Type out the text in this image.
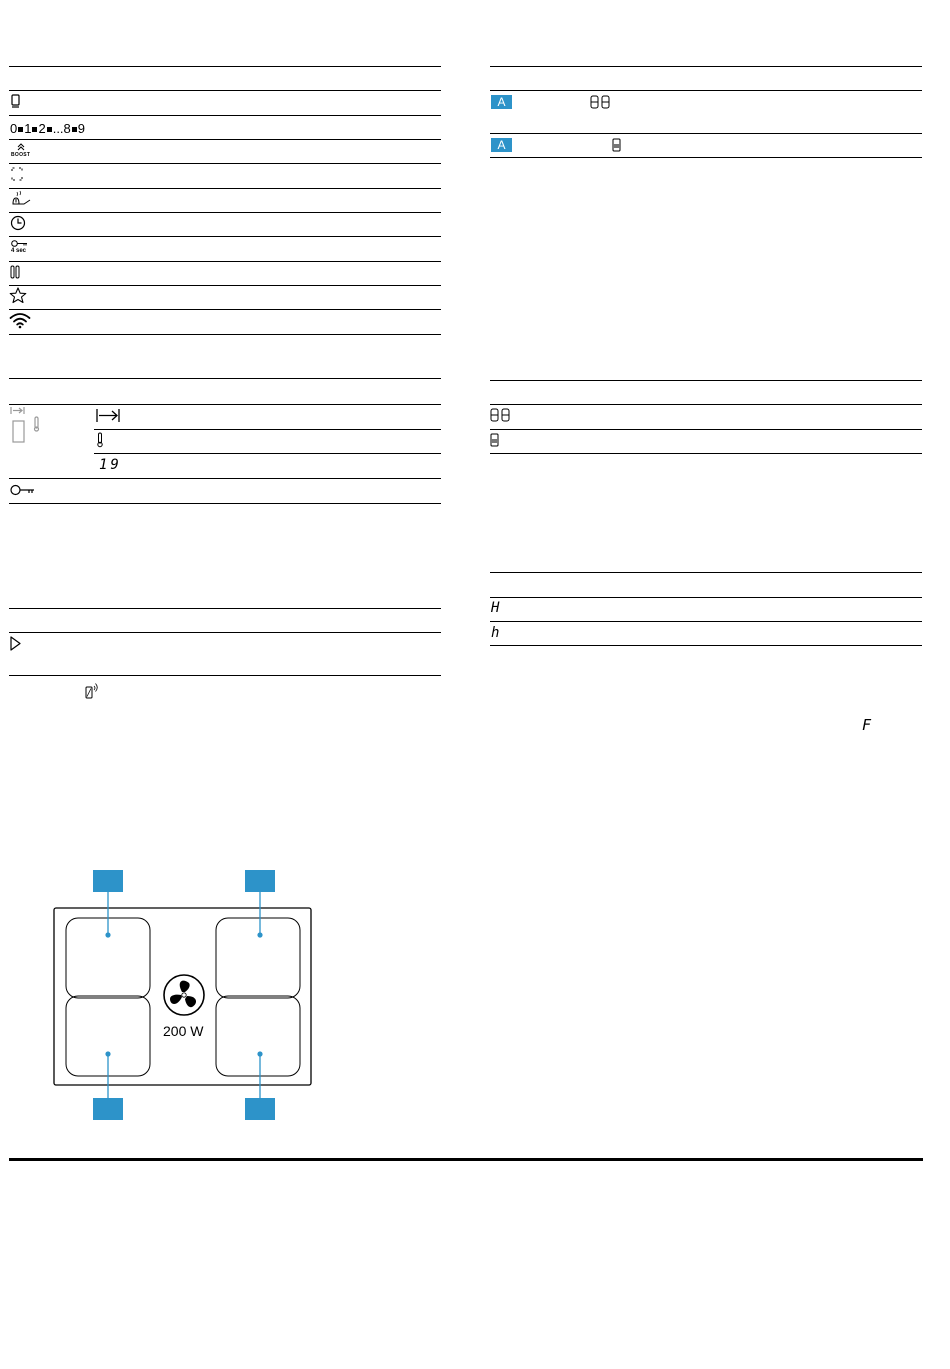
0 1 2 ...8 9
BOOST
4 sec
19
A
A
H
h
F
200 W
